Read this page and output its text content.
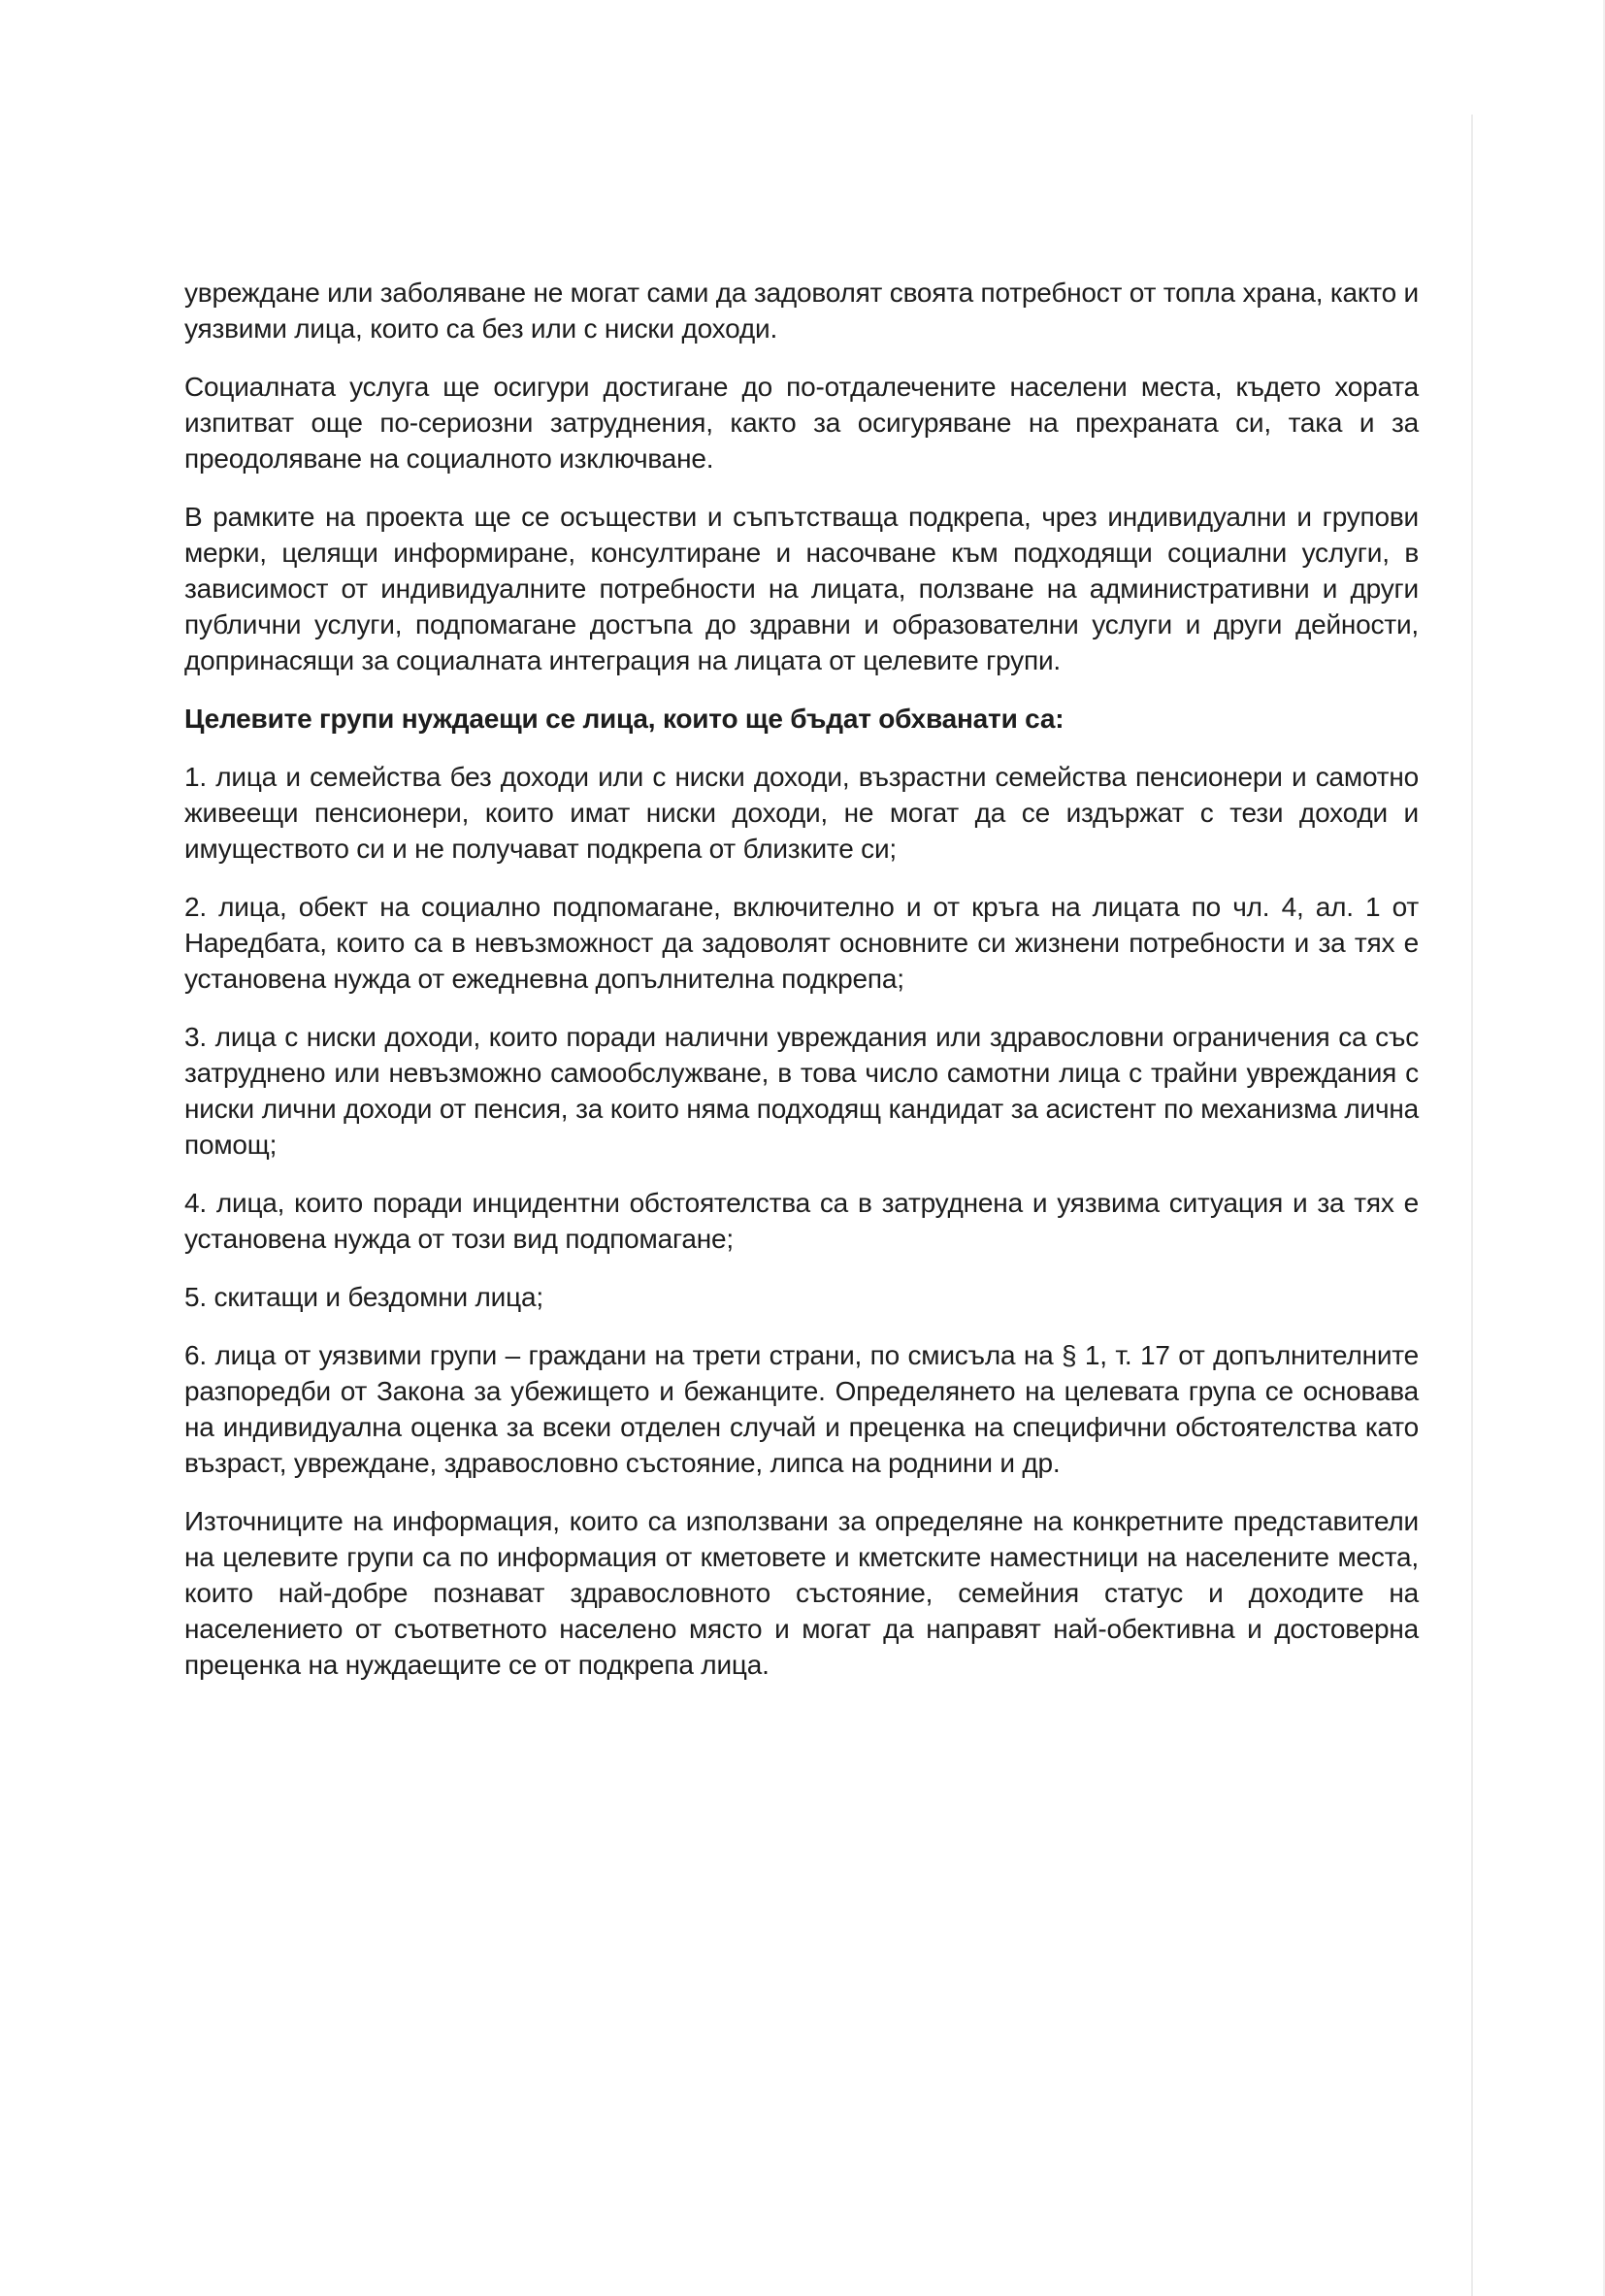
увреждане или заболяване не могат сами да задоволят своята потребност от топла храна, както и уязвими лица, които са без или с ниски доходи.

Социалната услуга ще осигури достигане до по-отдалечените населени места, където хората изпитват още по-сериозни затруднения, както за осигуряване на прехраната си, така и за преодоляване на социалното изключване.

В рамките на проекта ще се осъществи и съпътстваща подкрепа, чрез индивидуални и групови мерки, целящи информиране, консултиране и насочване към подходящи социални услуги, в зависимост от индивидуалните потребности на лицата, ползване на административни и други публични услуги, подпомагане достъпа до здравни и образователни услуги и други дейности, допринасящи за социалната интеграция на лицата от целевите групи.

Целевите групи нуждаещи се лица, които ще бъдат обхванати са:

1. лица и семейства без доходи или с ниски доходи, възрастни семейства пенсионери и самотно живеещи пенсионери, които имат ниски доходи, не могат да се издържат с тези доходи и имуществото си и не получават подкрепа от близките си;

2. лица, обект на социално подпомагане, включително и от кръга на лицата по чл. 4, ал. 1 от Наредбата, които са в невъзможност да задоволят основните си жизнени потребности и за тях е установена нужда от ежедневна допълнителна подкрепа;

3. лица с ниски доходи, които поради налични увреждания или здравословни ограничения са със затруднено или невъзможно самообслужване, в това число самотни лица с трайни увреждания с ниски лични доходи от пенсия, за които няма подходящ кандидат за асистент по механизма лична помощ;

4. лица, които поради инцидентни обстоятелства са в затруднена и уязвима ситуация и за тях е установена нужда от този вид подпомагане;

5. скитащи и бездомни лица;

6. лица от уязвими групи – граждани на трети страни, по смисъла на § 1, т. 17 от допълнителните разпоредби от Закона за убежището и бежанците. Определянето на целевата група се основава на индивидуална оценка за всеки отделен случай и преценка на специфични обстоятелства като възраст, увреждане, здравословно състояние, липса на роднини и др.

Източниците на информация, които са използвани за определяне на конкретните представители на целевите групи са по информация от кметовете и кметските наместници на населените места, които най-добре познават здравословното състояние, семейния статус и доходите на населението от съответното населено място и могат да направят най-обективна и достоверна преценка на нуждаещите се от подкрепа лица.
